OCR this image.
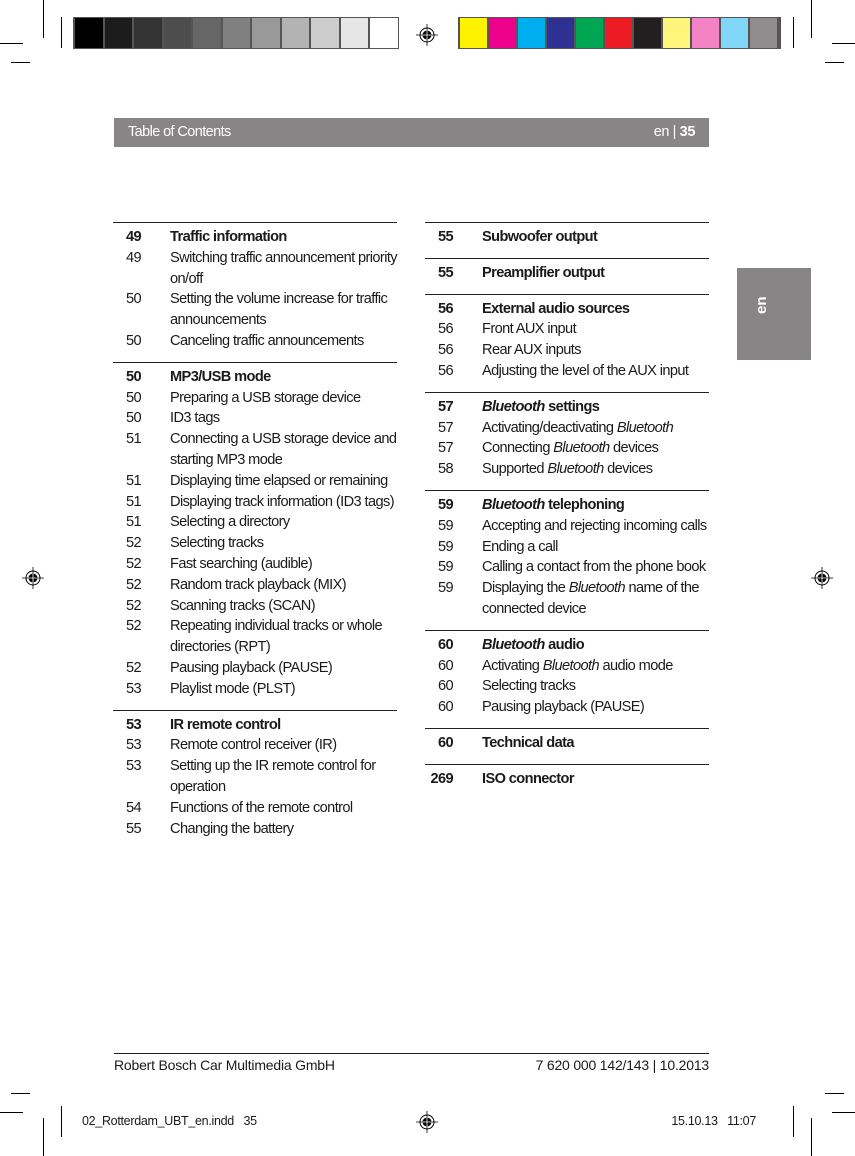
Table of Contents	en | 35
en
49 Traffic information
49 Switching traffic announcement priority on/off
50 Setting the volume increase for traffic announcements
50 Canceling traffic announcements
50 MP3/USB mode
50 Preparing a USB storage device
50 ID3 tags
51 Connecting a USB storage device and starting MP3 mode
51 Displaying time elapsed or remaining
51 Displaying track information (ID3 tags)
51 Selecting a directory
52 Selecting tracks
52 Fast searching (audible)
52 Random track playback (MIX)
52 Scanning tracks (SCAN)
52 Repeating individual tracks or whole directories (RPT)
52 Pausing playback (PAUSE)
53 Playlist mode (PLST)
53 IR remote control
53 Remote control receiver (IR)
53 Setting up the IR remote control for operation
54 Functions of the remote control
55 Changing the battery
55 Subwoofer output
55 Preamplifier output
56 External audio sources
56 Front AUX input
56 Rear AUX inputs
56 Adjusting the level of the AUX input
57 Bluetooth settings
57 Activating/deactivating Bluetooth
57 Connecting Bluetooth devices
58 Supported Bluetooth devices
59 Bluetooth telephoning
59 Accepting and rejecting incoming calls
59 Ending a call
59 Calling a contact from the phone book
59 Displaying the Bluetooth name of the connected device
60 Bluetooth audio
60 Activating Bluetooth audio mode
60 Selecting tracks
60 Pausing playback (PAUSE)
60 Technical data
269 ISO connector
Robert Bosch Car Multimedia GmbH	7 620 000 142/143 | 10.2013
02_Rotterdam_UBT_en.indd   35	15.10.13   11:07
